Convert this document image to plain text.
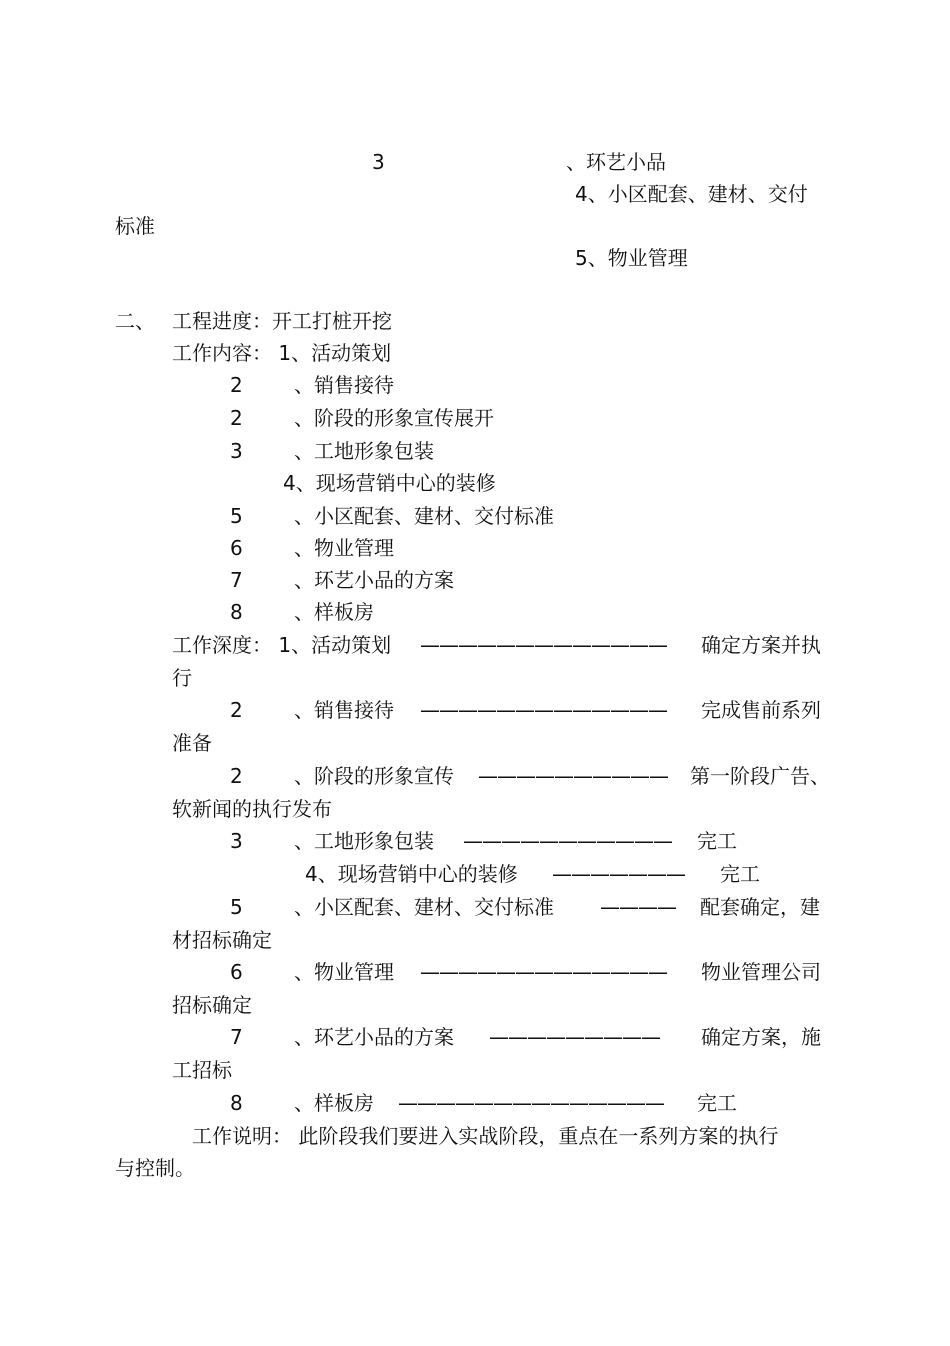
3	、环艺小品
4、小区配套、建材、交付
标准
5、物业管理
二、 工程进度：开工打桩开挖
工作内容： 1、活动策划
2	、销售接待
2	、阶段的形象宣传展开
3	、工地形象包装
4、现场营销中心的装修
5	、小区配套、建材、交付标准
6	、物业管理
7	、环艺小品的方案
8	、样板房
工作深度： 1、活动策划 ————————————— 确定方案并执
行
2	、销售接待 ————————————— 完成售前系列
准备
2	、阶段的形象宣传 —————————— 第一阶段广告、
软新闻的执行发布
3	、工地形象包装 ——————————— 完工
4、现场营销中心的装修 ——————— 完工
5	、小区配套、建材、交付标准 ———— 配套确定，建
材招标确定
6	、物业管理 ————————————— 物业管理公司
招标确定
7	、环艺小品的方案 ————————— 确定方案，施
工招标
8	、样板房 —————————————— 完工
工作说明： 此阶段我们要进入实战阶段，重点在一系列方案的执行
与控制。
